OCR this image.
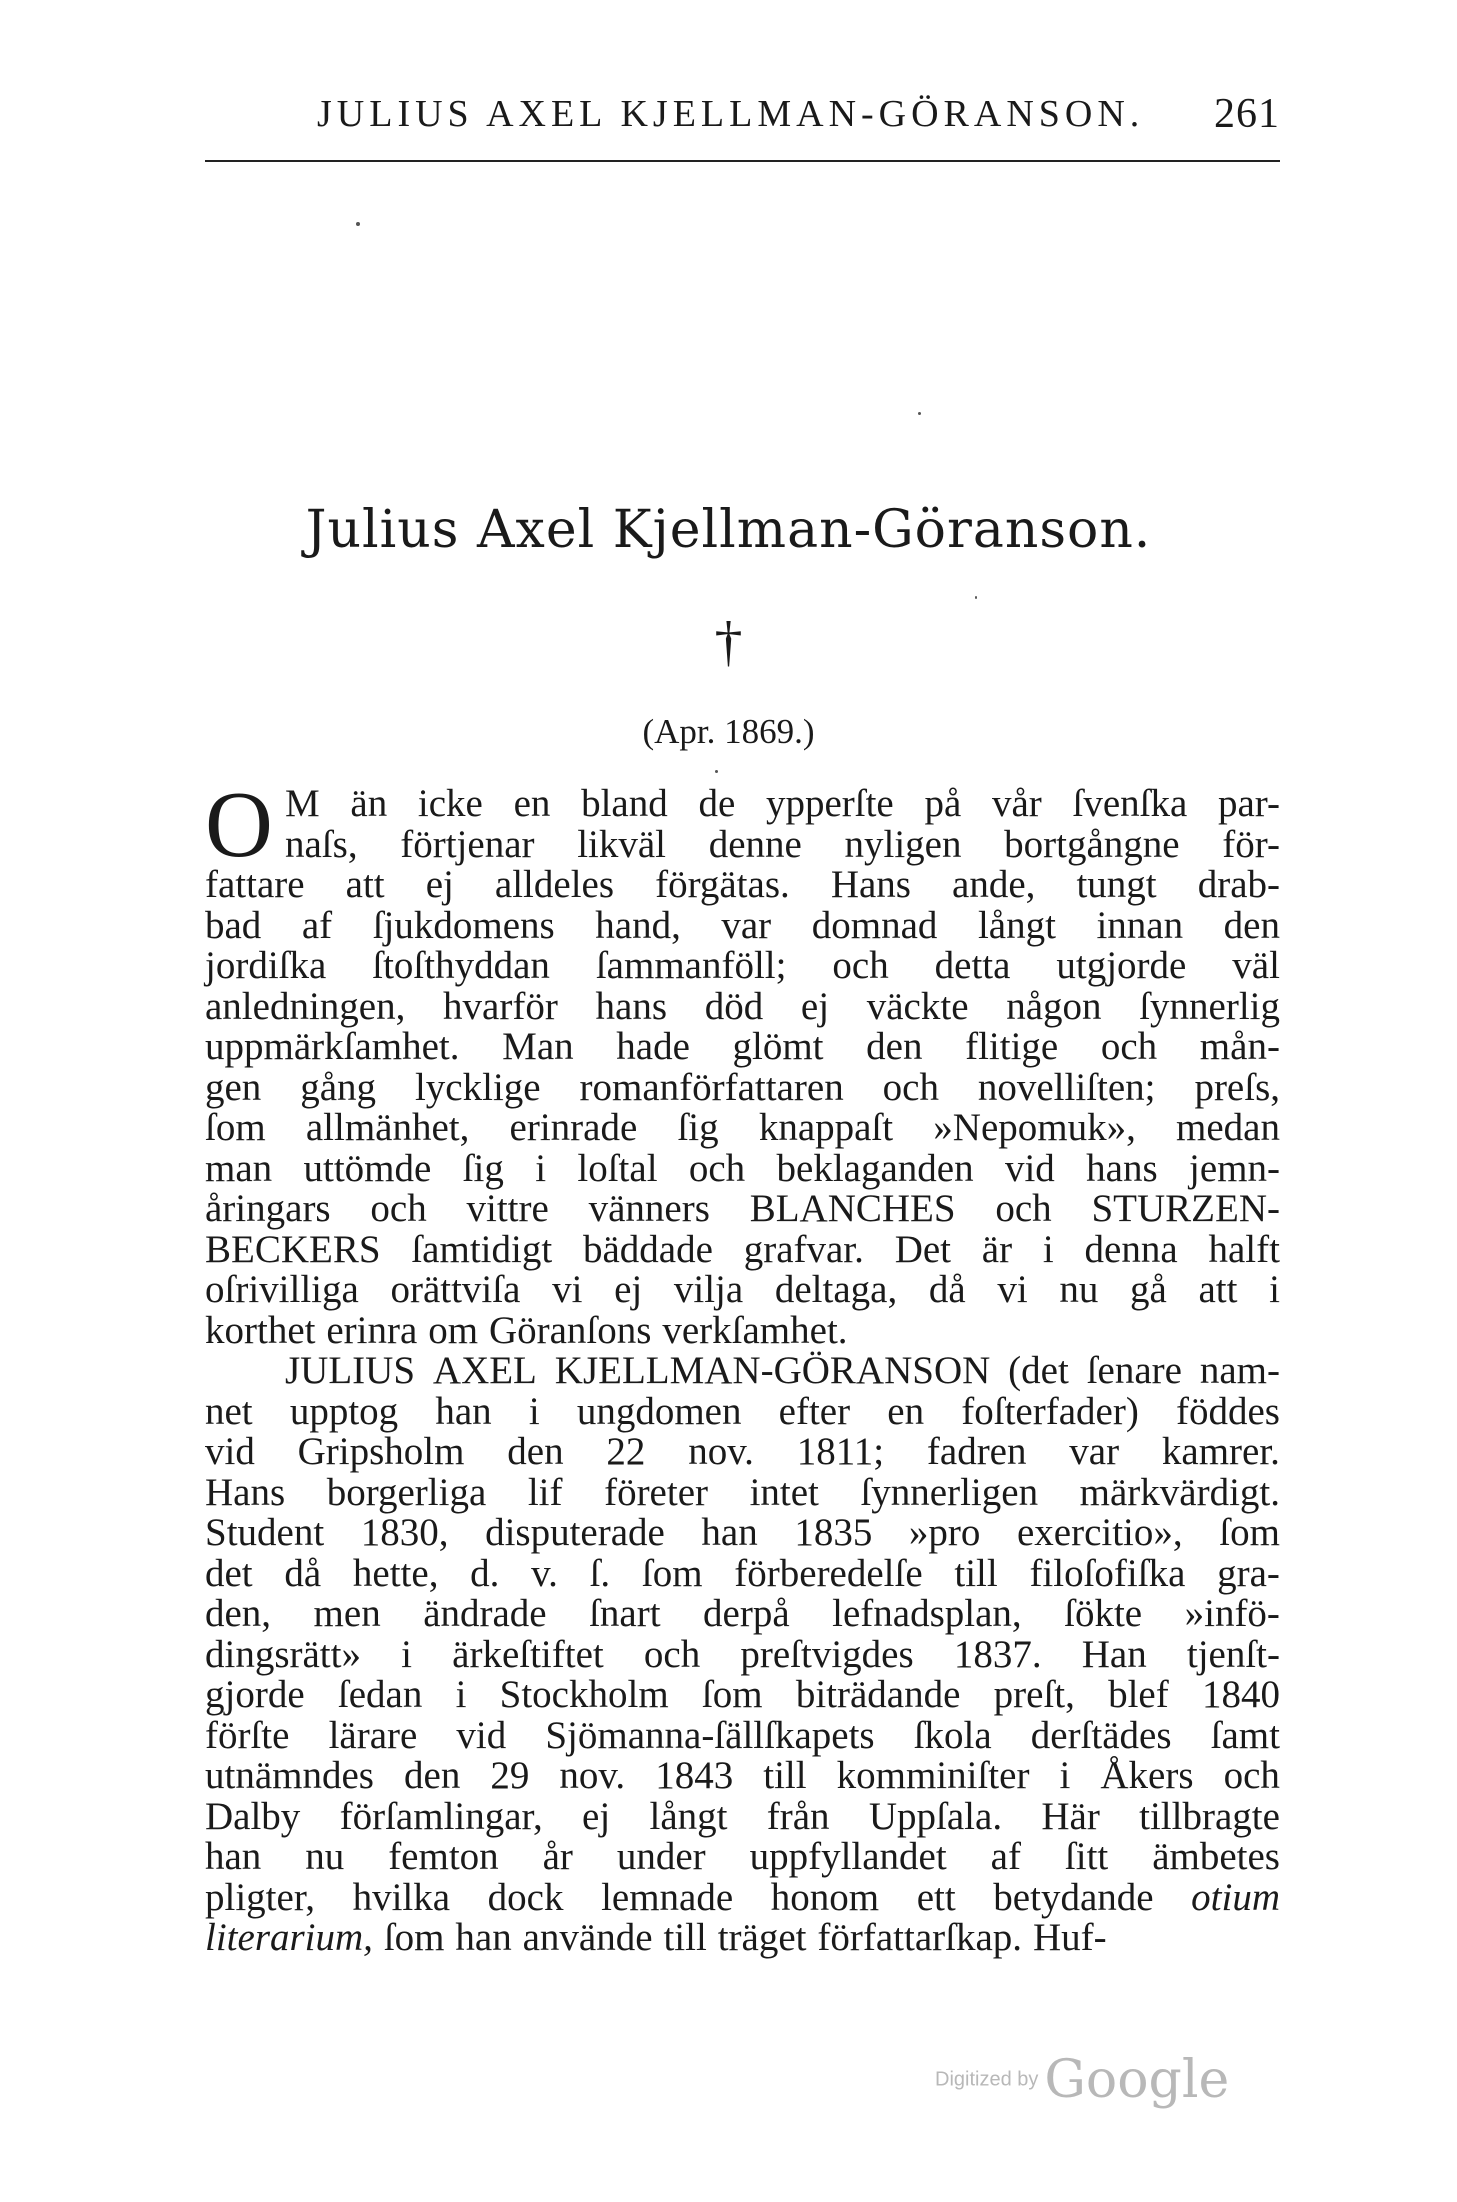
JULIUS AXEL KJELLMAN-GÖRANSON. 261
Julius Axel Kjellman-Göranson.
†
(Apr. 1869.)
O M än icke en bland de ypperſte på vår ſvenſka par-
naſs, förtjenar likväl denne nyligen bortgångne för-
fattare att ej alldeles förgätas. Hans ande, tungt drab-
bad af ſjukdomens hand, var domnad långt innan den
jordiſka ſtoſthyddan ſammanföll; och detta utgjorde väl
anledningen, hvarför hans död ej väckte någon ſynnerlig
uppmärkſamhet. Man hade glömt den flitige och mån-
gen gång lycklige romanförfattaren och novelliſten; preſs,
ſom allmänhet, erinrade ſig knappaſt »Nepomuk», medan
man uttömde ſig i loſtal och beklaganden vid hans jemn-
åringars och vittre vänners BLANCHES och STURZEN-
BECKERS ſamtidigt bäddade grafvar. Det är i denna halft
oſrivilliga orättviſa vi ej vilja deltaga, då vi nu gå att i
korthet erinra om Göranſons verkſamhet.
JULIUS AXEL KJELLMAN-GÖRANSON (det ſenare nam-
net upptog han i ungdomen efter en foſterfader) föddes
vid Gripsholm den 22 nov. 1811; fadren var kamrer.
Hans borgerliga lif företer intet ſynnerligen märkvärdigt.
Student 1830, disputerade han 1835 »pro exercitio», ſom
det då hette, d. v. ſ. ſom förberedelſe till filoſofiſka gra-
den, men ändrade ſnart derpå lefnadsplan, ſökte »infö-
dingsrätt» i ärkeſtiftet och preſtvigdes 1837. Han tjenſt-
gjorde ſedan i Stockholm ſom biträdande preſt, blef 1840
förſte lärare vid Sjömanna-ſällſkapets ſkola derſtädes ſamt
utnämndes den 29 nov. 1843 till komminiſter i Åkers och
Dalby förſamlingar, ej långt från Uppſala. Här tillbragte
han nu femton år under uppfyllandet af ſitt ämbetes
pligter, hvilka dock lemnade honom ett betydande otium
literarium, ſom han använde till träget författarſkap. Huf-
Digitized by Google
